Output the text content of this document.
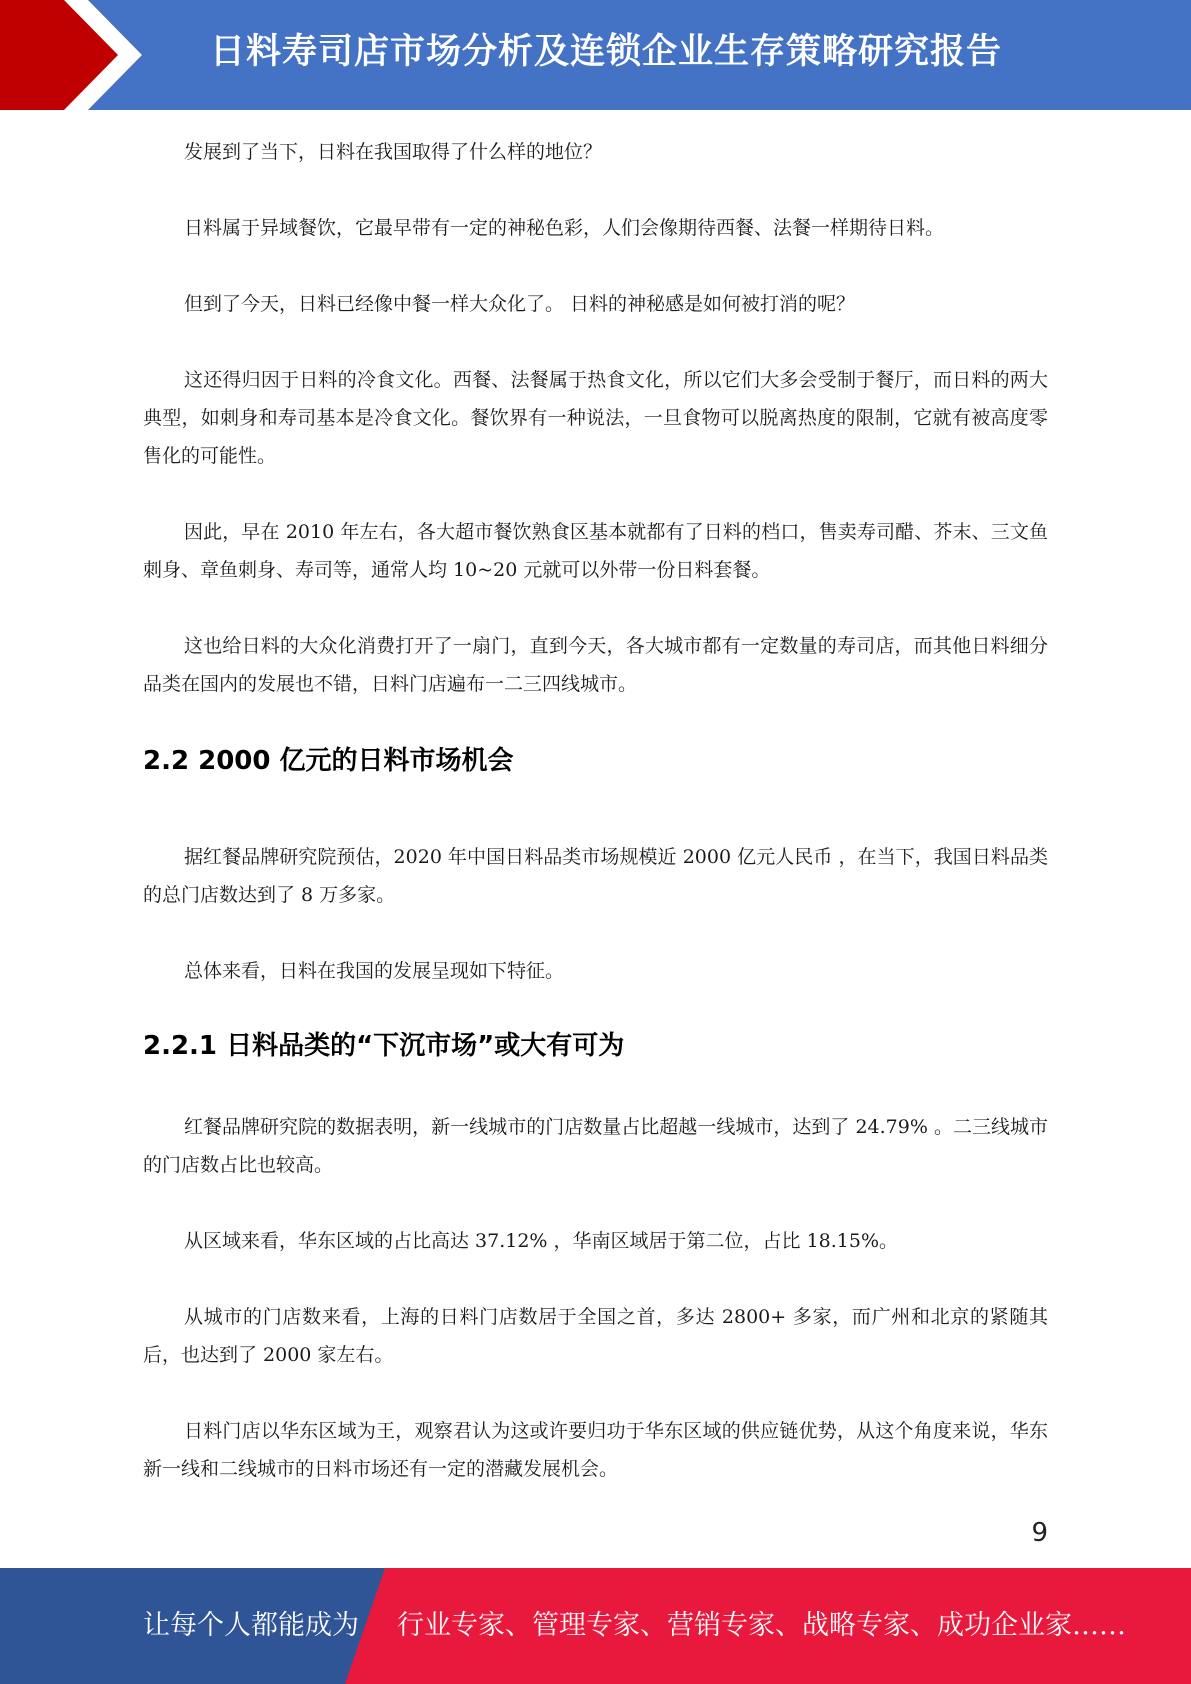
日料寿司店市场分析及连锁企业生存策略研究报告

发展到了当下，日料在我国取得了什么样的地位？

日料属于异域餐饮，它最早带有一定的神秘色彩，人们会像期待西餐、法餐一样期待日料。

但到了今天，日料已经像中餐一样大众化了。 日料的神秘感是如何被打消的呢？

这还得归因于日料的冷食文化。西餐、法餐属于热食文化，所以它们大多会受制于餐厅，而日料的两大典型，如刺身和寿司基本是冷食文化。餐饮界有一种说法，一旦食物可以脱离热度的限制，它就有被高度零售化的可能性。

因此，早在 2010 年左右，各大超市餐饮熟食区基本就都有了日料的档口，售卖寿司醋、芥末、三文鱼刺身、章鱼刺身、寿司等，通常人均 10~20 元就可以外带一份日料套餐。

这也给日料的大众化消费打开了一扇门，直到今天，各大城市都有一定数量的寿司店，而其他日料细分品类在国内的发展也不错，日料门店遍布一二三四线城市。

2.2 2000 亿元的日料市场机会

据红餐品牌研究院预估，2020 年中国日料品类市场规模近 2000 亿元人民币 ，在当下，我国日料品类的总门店数达到了 8 万多家。

总体来看，日料在我国的发展呈现如下特征。

2.2.1 日料品类的“下沉市场”或大有可为

红餐品牌研究院的数据表明，新一线城市的门店数量占比超越一线城市，达到了 24.79% 。二三线城市的门店数占比也较高。

从区域来看，华东区域的占比高达 37.12% ，华南区域居于第二位，占比 18.15%。

从城市的门店数来看，上海的日料门店数居于全国之首，多达 2800+ 多家，而广州和北京的紧随其后，也达到了 2000 家左右。

日料门店以华东区域为王，观察君认为这或许要归功于华东区域的供应链优势，从这个角度来说，华东新一线和二线城市的日料市场还有一定的潜藏发展机会。

9
让每个人都能成为 行业专家、管理专家、营销专家、战略专家、成功企业家……
